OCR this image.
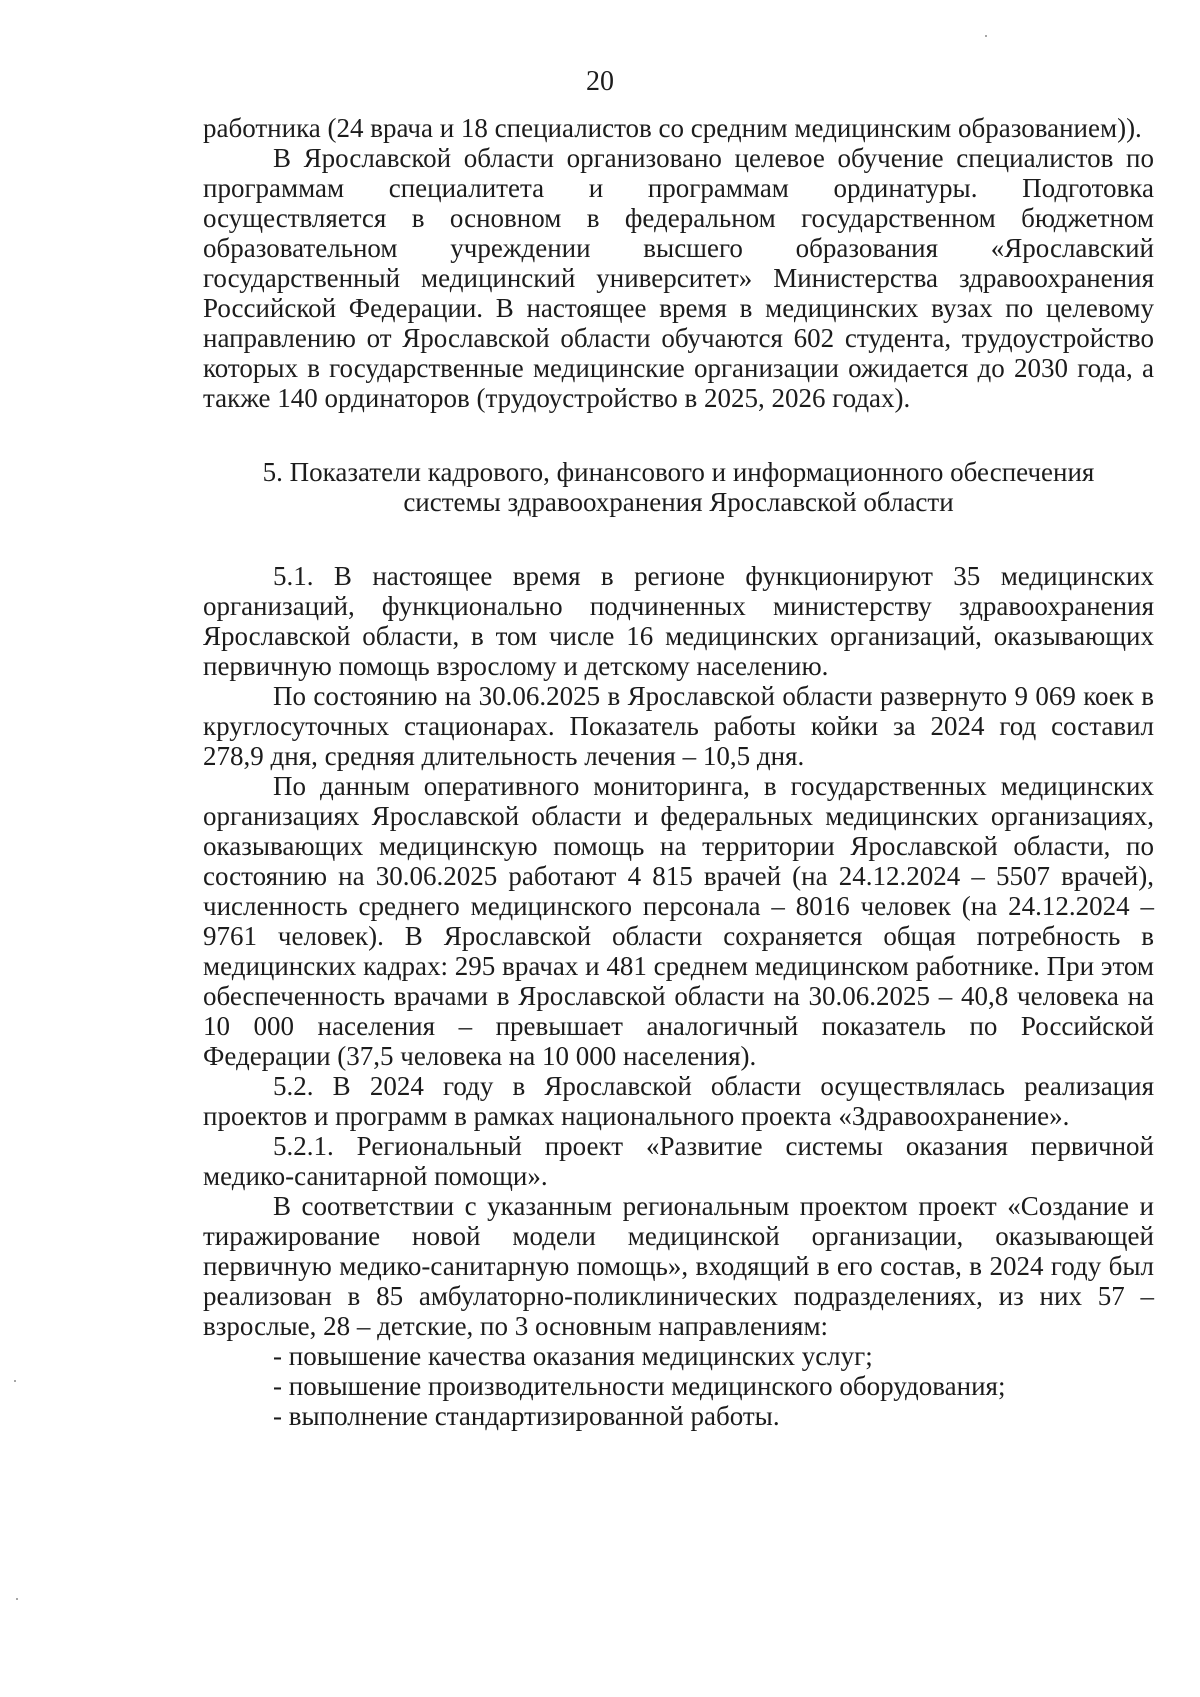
20

работника (24 врача и 18 специалистов со средним медицинским образованием)).

В Ярославской области организовано целевое обучение специалистов по программам специалитета и программам ординатуры. Подготовка осуществляется в основном в федеральном государственном бюджетном образовательном учреждении высшего образования «Ярославский государственный медицинский университет» Министерства здравоохранения Российской Федерации. В настоящее время в медицинских вузах по целевому направлению от Ярославской области обучаются 602 студента, трудоустройство которых в государственные медицинские организации ожидается до 2030 года, а также 140 ординаторов (трудоустройство в 2025, 2026 годах).

5. Показатели кадрового, финансового и информационного обеспечения
системы здравоохранения Ярославской области

5.1. В настоящее время в регионе функционируют 35 медицинских организаций, функционально подчиненных министерству здравоохранения Ярославской области, в том числе 16 медицинских организаций, оказывающих первичную помощь взрослому и детскому населению.

По состоянию на 30.06.2025 в Ярославской области развернуто 9 069 коек в круглосуточных стационарах. Показатель работы койки за 2024 год составил 278,9 дня, средняя длительность лечения – 10,5 дня.

По данным оперативного мониторинга, в государственных медицинских организациях Ярославской области и федеральных медицинских организациях, оказывающих медицинскую помощь на территории Ярославской области, по состоянию на 30.06.2025 работают 4 815 врачей (на 24.12.2024 – 5507 врачей), численность среднего медицинского персонала – 8016 человек (на 24.12.2024 – 9761 человек). В Ярославской области сохраняется общая потребность в медицинских кадрах: 295 врачах и 481 среднем медицинском работнике. При этом обеспеченность врачами в Ярославской области на 30.06.2025 – 40,8 человека на 10 000 населения – превышает аналогичный показатель по Российской Федерации (37,5 человека на 10 000 населения).

5.2. В 2024 году в Ярославской области осуществлялась реализация проектов и программ в рамках национального проекта «Здравоохранение».

5.2.1. Региональный проект «Развитие системы оказания первичной медико-санитарной помощи».

В соответствии с указанным региональным проектом проект «Создание и тиражирование новой модели медицинской организации, оказывающей первичную медико-санитарную помощь», входящий в его состав, в 2024 году был реализован в 85 амбулаторно-поликлинических подразделениях, из них 57 – взрослые, 28 – детские, по 3 основным направлениям:

- повышение качества оказания медицинских услуг;

- повышение производительности медицинского оборудования;

- выполнение стандартизированной работы.
